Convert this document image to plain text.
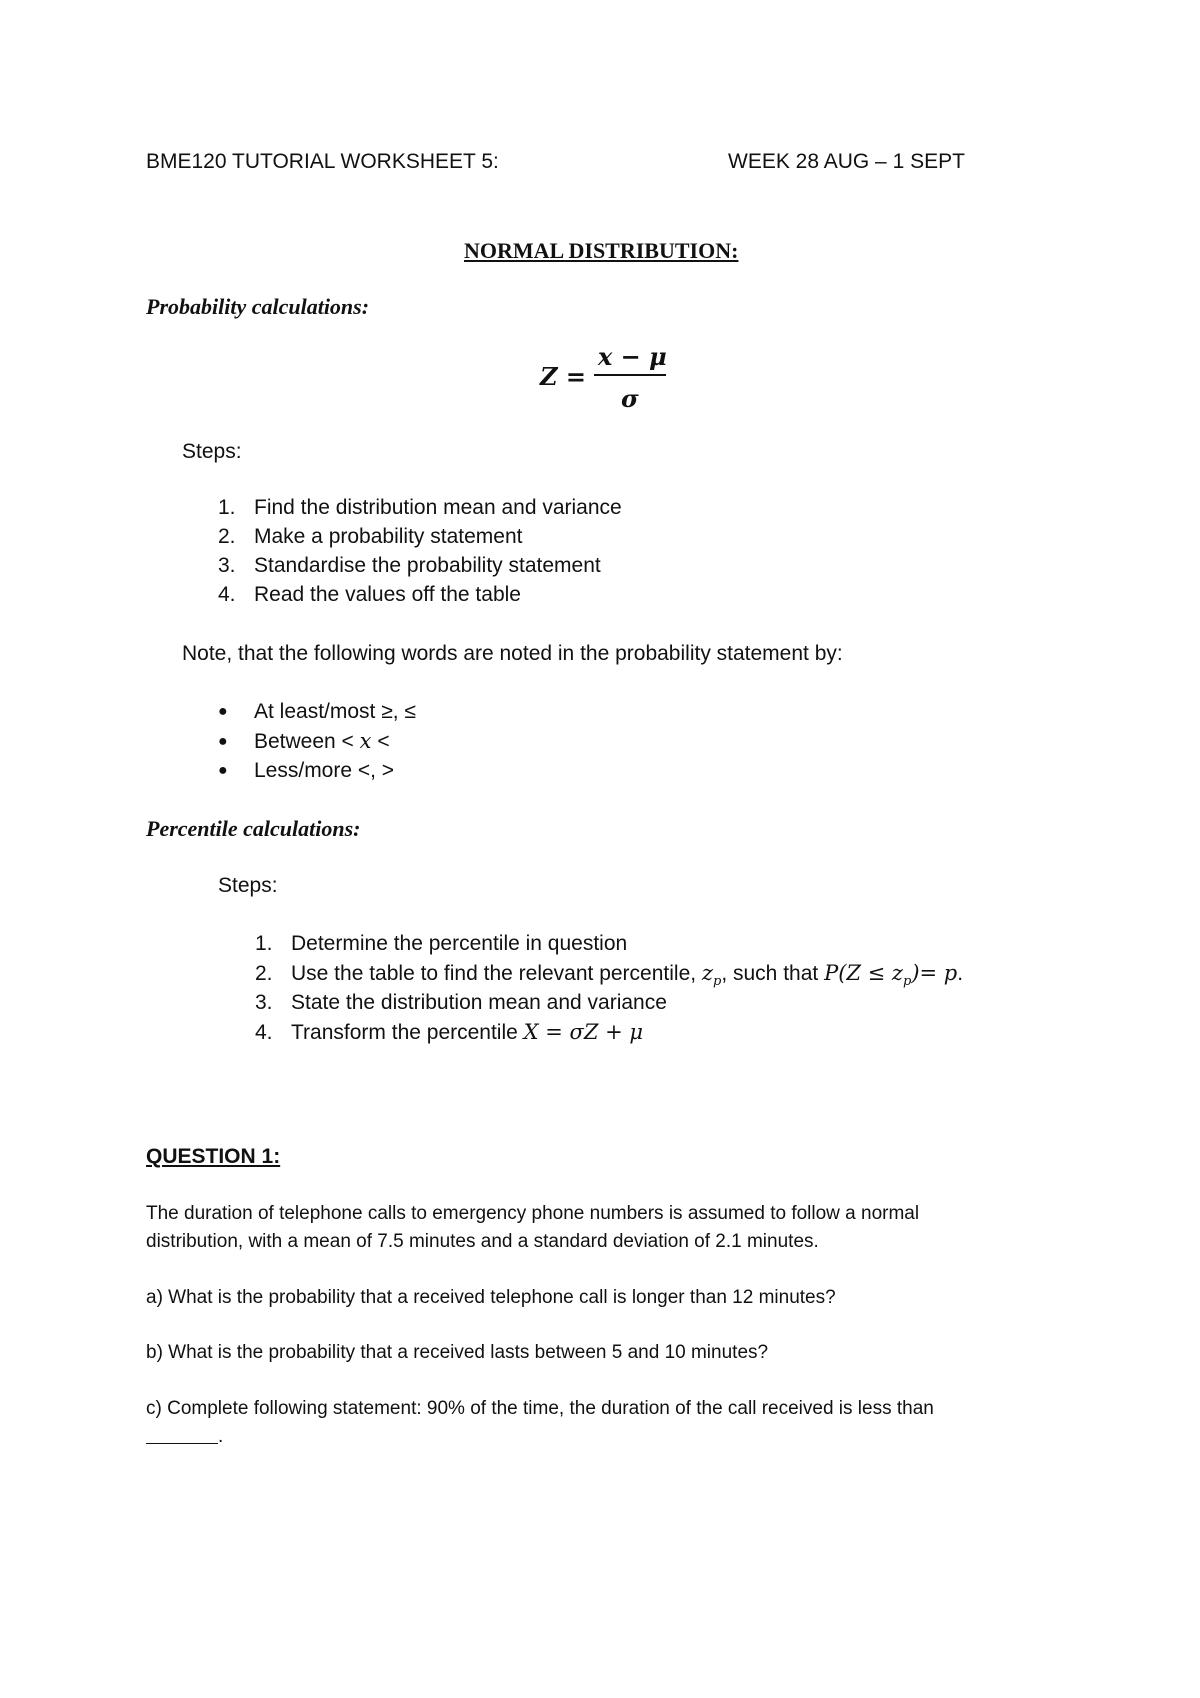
BME120 TUTORIAL WORKSHEET 5:	WEEK 28 AUG – 1 SEPT
NORMAL DISTRIBUTION:
Probability calculations:
Z =
x − μ
σ
Steps:
1. Find the distribution mean and variance
2. Make a probability statement
3. Standardise the probability statement
4. Read the values off the table
Note, that the following words are noted in the probability statement by:
● At least/most ≥, ≤
● Between < x <
● Less/more <, >
Percentile calculations:
Steps:
1. Determine the percentile in question
2. Use the table to find the relevant percentile, $z_p$, such that $P(Z \le z_p)= p$.
3. State the distribution mean and variance
4. Transform the percentile X = σZ + μ
QUESTION 1:
The duration of telephone calls to emergency phone numbers is assumed to follow a normal
distribution, with a mean of 7.5 minutes and a standard deviation of 2.1 minutes.
a) What is the probability that a received telephone call is longer than 12 minutes?
b) What is the probability that a received lasts between 5 and 10 minutes?
c) Complete following statement: 90% of the time, the duration of the call received is less than
.
